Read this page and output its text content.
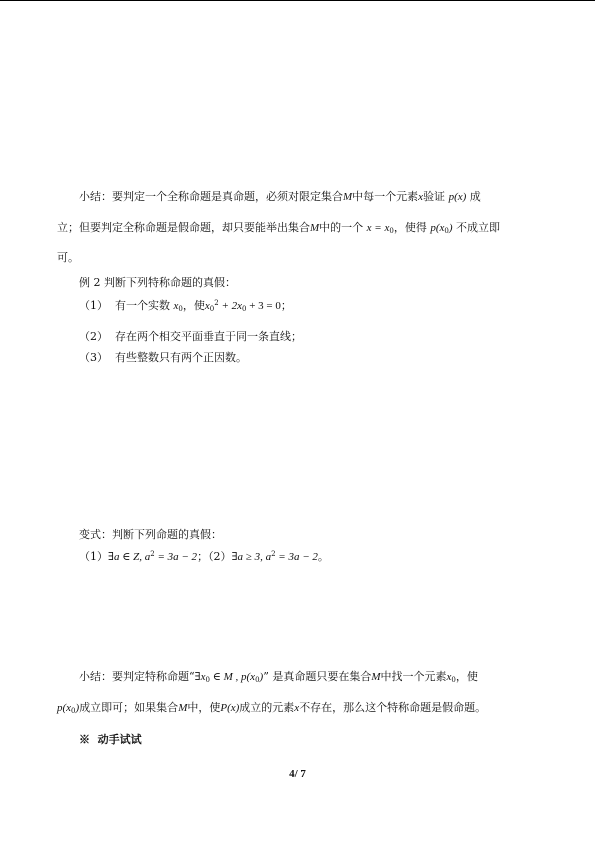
小结：要判定一个全称命题是真命题，必须对限定集合M中每一个元素x验证 p(x) 成
立；但要判定全称命题是假命题，却只要能举出集合M中的一个 $x = x_0$，使得 $p(x_0)$ 不成立即
可。
例 2 判断下列特称命题的真假：
（1） 有一个实数 $x_0$，使$x_0^2 + 2x_0 + 3 = 0$；
（2） 存在两个相交平面垂直于同一条直线；
（3） 有些整数只有两个正因数。
变式：判断下列命题的真假：
（1）∃a ∈ Z, $a^2 = 3a - 2$；（2）∃a ≥ 3, $a^2 = 3a - 2$。
小结：要判定特称命题“$\exists x_0$ ∈ M , $p(x_0)$” 是真命题只要在集合M中找一个元素$x_0$，使
$p(x_0)$成立即可；如果集合M中，使P(x)成立的元素x不存在，那么这个特称命题是假命题。
※ 动手试试
4/ 7
